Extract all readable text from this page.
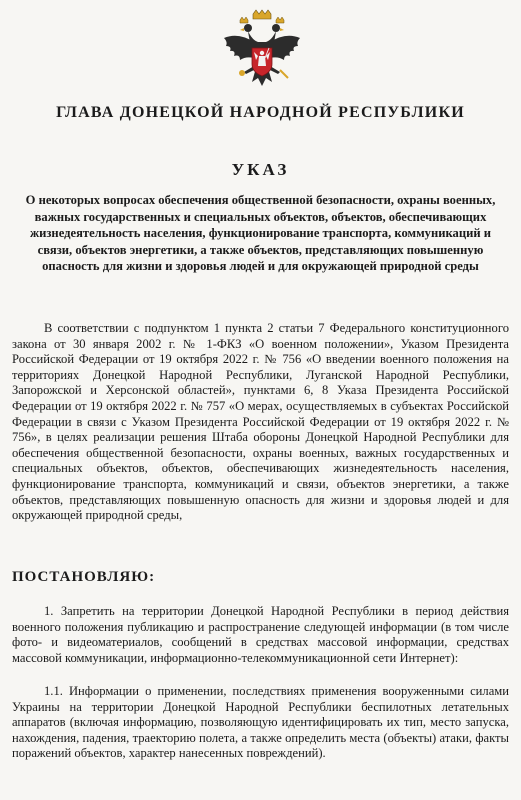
ГЛАВА ДОНЕЦКОЙ НАРОДНОЙ РЕСПУБЛИКИ
УКАЗ
О некоторых вопросах обеспечения общественной безопасности, охраны военных, важных государственных и специальных объектов, объектов, обеспечивающих жизнедеятельность населения, функционирование транспорта, коммуникаций и связи, объектов энергетики, а также объектов, представляющих повышенную опасность для жизни и здоровья людей и для окружающей природной среды

В соответствии с подпунктом 1 пункта 2 статьи 7 Федерального конституционного закона от 30 января 2002 г. № 1-ФКЗ «О военном положении», Указом Президента Российской Федерации от 19 октября 2022 г. № 756 «О введении военного положения на территориях Донецкой Народной Республики, Луганской Народной Республики, Запорожской и Херсонской областей», пунктами 6, 8 Указа Президента Российской Федерации от 19 октября 2022 г. № 757 «О мерах, осуществляемых в субъектах Российской Федерации в связи с Указом Президента Российской Федерации от 19 октября 2022 г. № 756», в целях реализации решения Штаба обороны Донецкой Народной Республики для обеспечения общественной безопасности, охраны военных, важных государственных и специальных объектов, объектов, обеспечивающих жизнедеятельность населения, функционирование транспорта, коммуникаций и связи, объектов энергетики, а также объектов, представляющих повышенную опасность для жизни и здоровья людей и для окружающей природной среды,

ПОСТАНОВЛЯЮ:

1. Запретить на территории Донецкой Народной Республики в период действия военного положения публикацию и распространение следующей информации (в том числе фото- и видеоматериалов, сообщений в средствах массовой информации, средствах массовой коммуникации, информационно-телекоммуникационной сети Интернет):

1.1. Информации о применении, последствиях применения вооруженными силами Украины на территории Донецкой Народной Республики беспилотных летательных аппаратов (включая информацию, позволяющую идентифицировать их тип, место запуска, нахождения, падения, траекторию полета, а также определить места (объекты) атаки, факты поражений объектов, характер нанесенных повреждений).
